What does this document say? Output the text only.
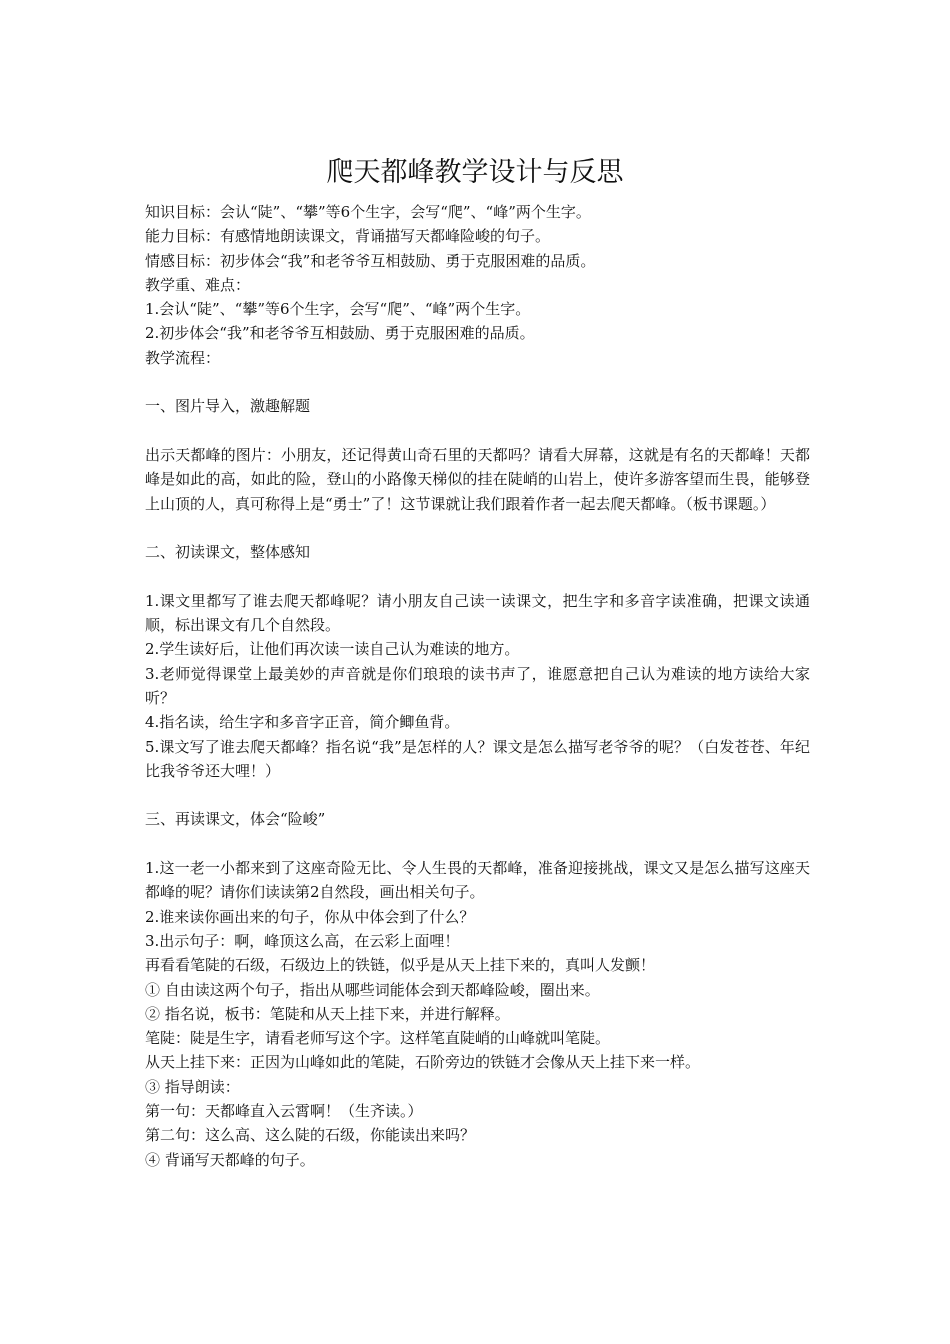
爬天都峰教学设计与反思
知识目标：会认“陡”、“攀”等6个生字，会写“爬”、“峰”两个生字。
能力目标：有感情地朗读课文，背诵描写天都峰险峻的句子。
情感目标：初步体会“我”和老爷爷互相鼓励、勇于克服困难的品质。
教学重、难点：
1.会认“陡”、“攀”等6个生字，会写“爬”、“峰”两个生字。
2.初步体会“我”和老爷爷互相鼓励、勇于克服困难的品质。
教学流程：
一、图片导入，激趣解题
出示天都峰的图片：小朋友，还记得黄山奇石里的天都吗？请看大屏幕，这就是有名的天都峰！天都峰是如此的高，如此的险，登山的小路像天梯似的挂在陡峭的山岩上，使许多游客望而生畏，能够登上山顶的人，真可称得上是“勇士”了！这节课就让我们跟着作者一起去爬天都峰。（板书课题。）
二、初读课文，整体感知
1.课文里都写了谁去爬天都峰呢？请小朋友自己读一读课文，把生字和多音字读准确，把课文读通顺，标出课文有几个自然段。
2.学生读好后，让他们再次读一读自己认为难读的地方。
3.老师觉得课堂上最美妙的声音就是你们琅琅的读书声了，谁愿意把自己认为难读的地方读给大家听？
4.指名读，给生字和多音字正音，简介鲫鱼背。
5.课文写了谁去爬天都峰？指名说“我”是怎样的人？课文是怎么描写老爷爷的呢？（白发苍苍、年纪比我爷爷还大哩！）
三、再读课文，体会“险峻”
1.这一老一小都来到了这座奇险无比、令人生畏的天都峰，准备迎接挑战，课文又是怎么描写这座天都峰的呢？请你们读读第2自然段，画出相关句子。
2.谁来读你画出来的句子，你从中体会到了什么？
3.出示句子：啊，峰顶这么高，在云彩上面哩！
再看看笔陡的石级，石级边上的铁链，似乎是从天上挂下来的，真叫人发颤！
① 自由读这两个句子，指出从哪些词能体会到天都峰险峻，圈出来。
② 指名说，板书：笔陡和从天上挂下来，并进行解释。
笔陡：陡是生字，请看老师写这个字。这样笔直陡峭的山峰就叫笔陡。
从天上挂下来：正因为山峰如此的笔陡，石阶旁边的铁链才会像从天上挂下来一样。
③ 指导朗读：
第一句：天都峰直入云霄啊！（生齐读。）
第二句：这么高、这么陡的石级，你能读出来吗？
④ 背诵写天都峰的句子。
